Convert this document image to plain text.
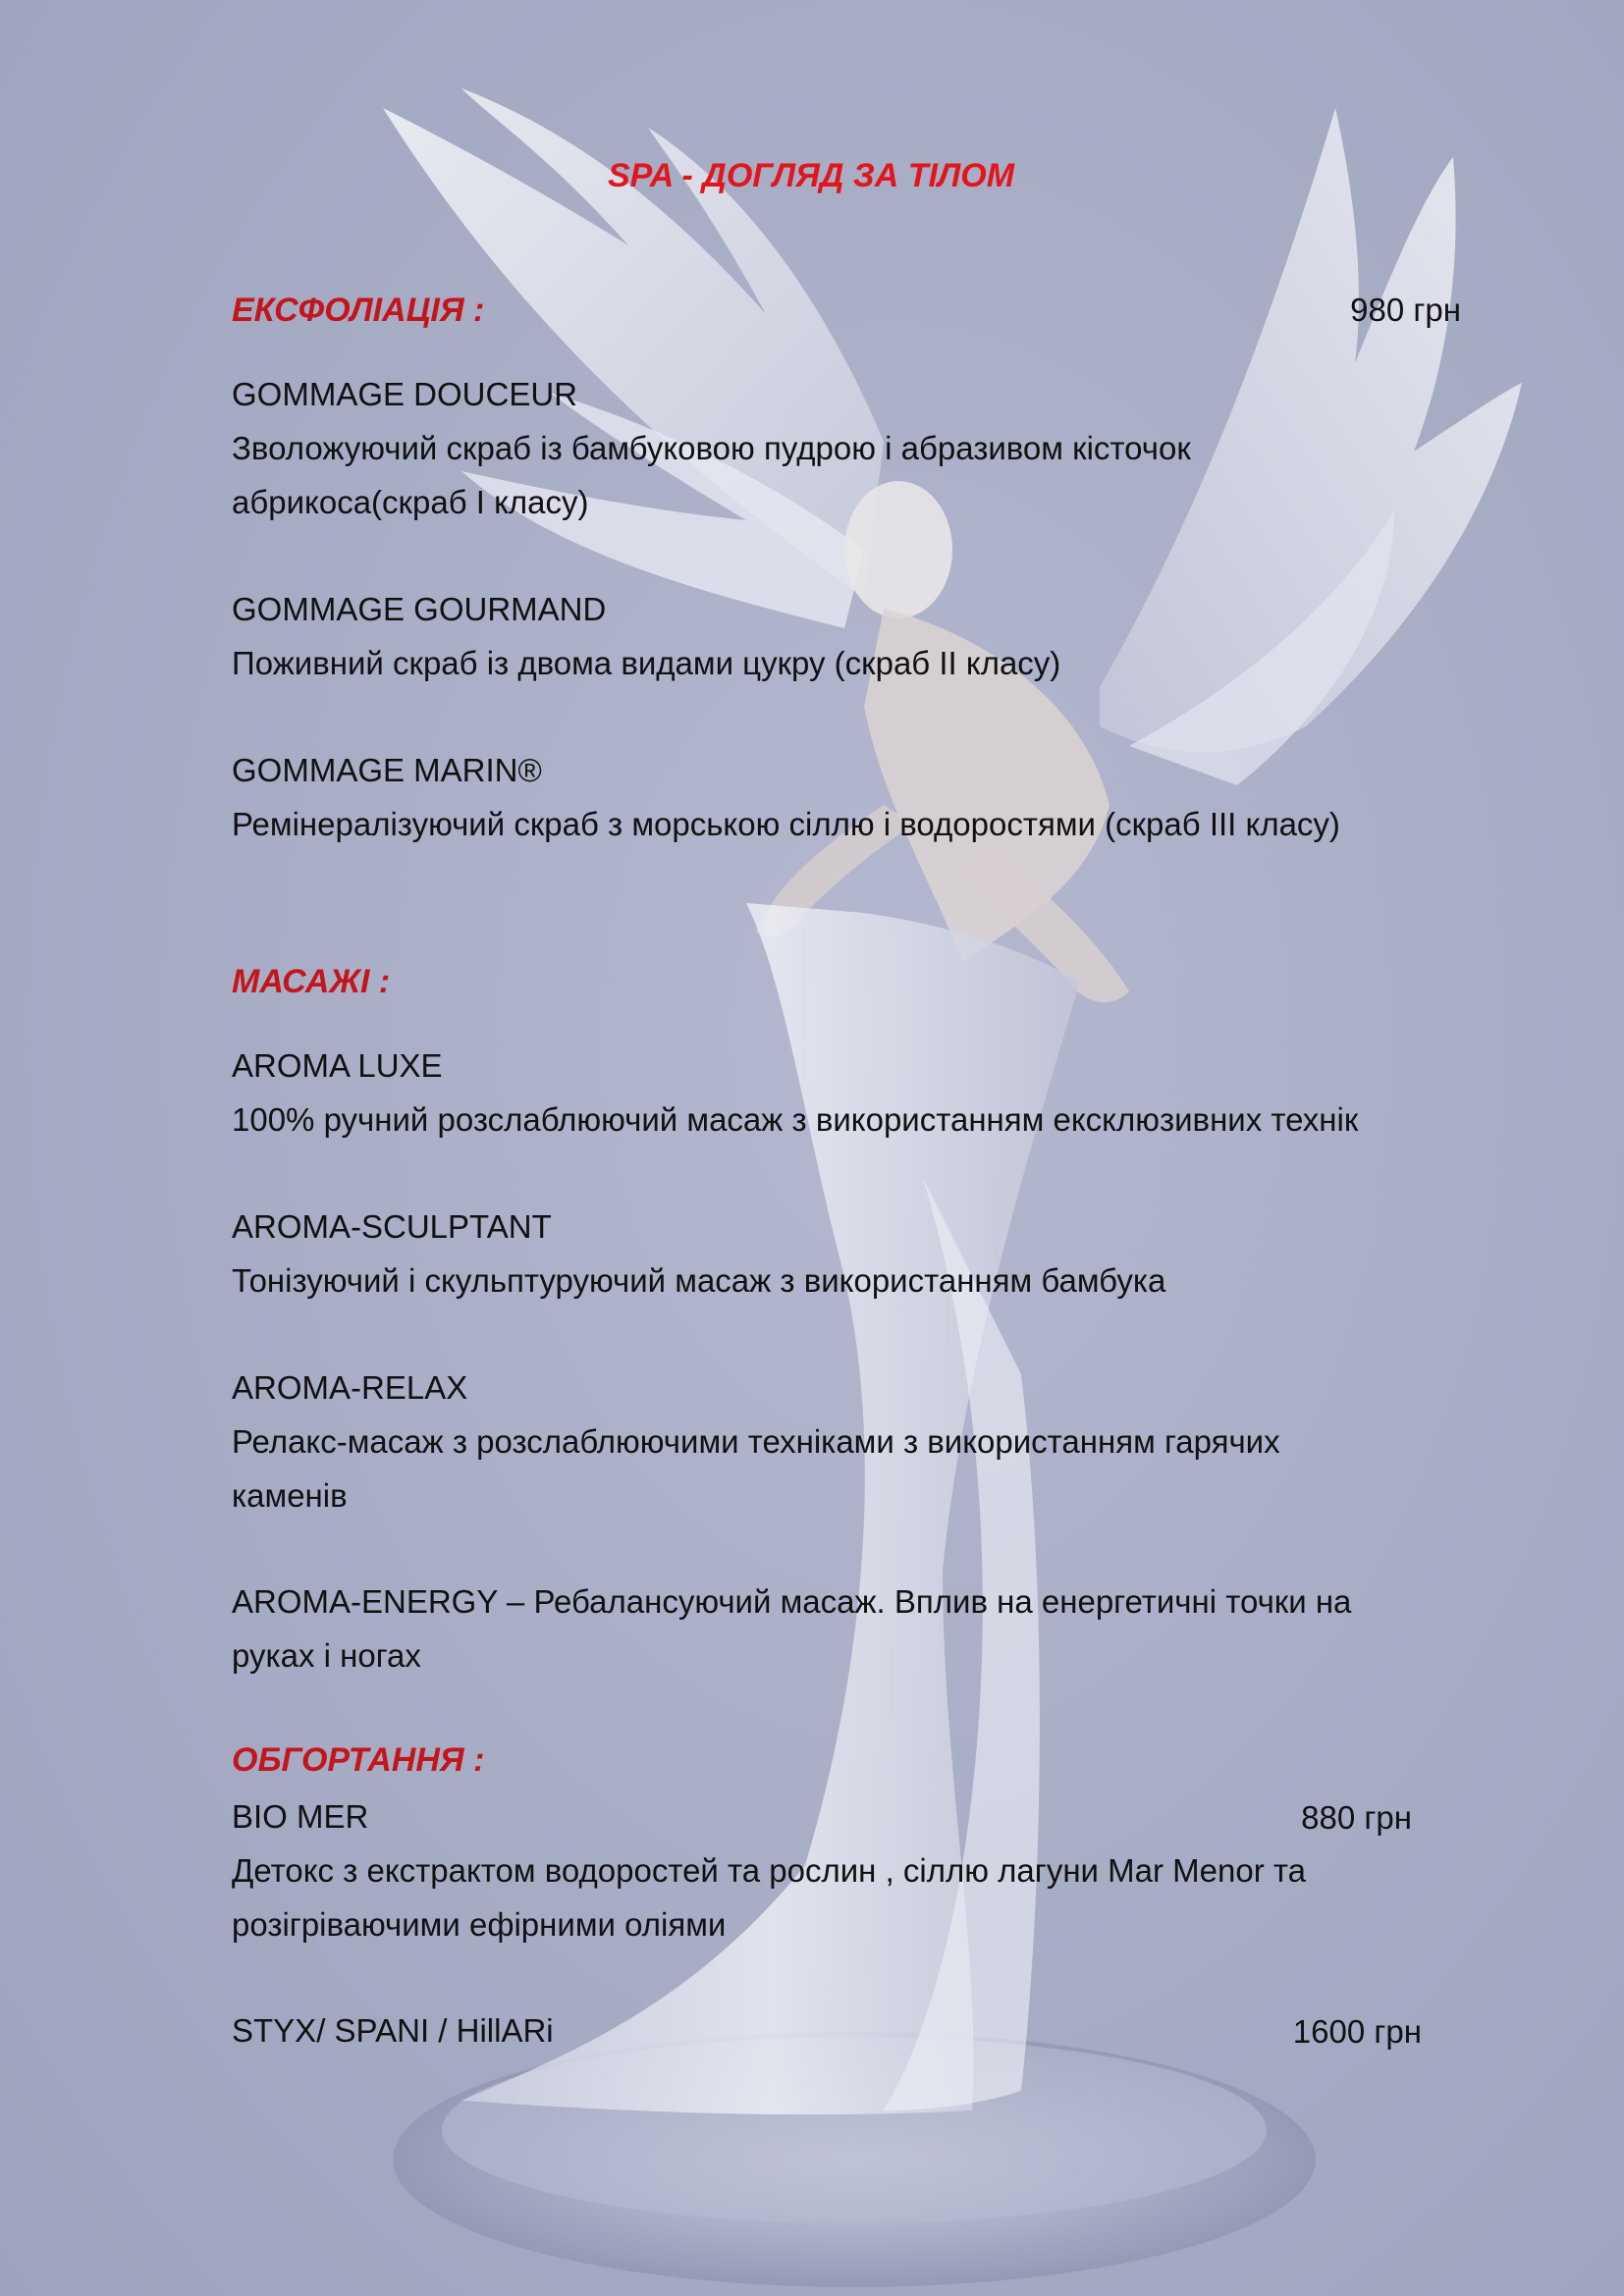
SPA - ДОГЛЯД ЗА ТІЛОМ
ЕКСФОЛІАЦІЯ :	980 грн
GOMMAGE DOUCEUR
Зволожуючий скраб із бамбуковою пудрою і абразивом кісточок
абрикоса(скраб І класу)
GOMMAGE GOURMAND
Поживний скраб із двома видами цукру (скраб ІІ класу)
GOMMAGE MARIN®
Ремінералізуючий скраб з морською сіллю і водоростями (скраб ІІІ класу)
МАСАЖІ :
AROMA LUXE
100% ручний розслаблюючий масаж з використанням ексклюзивних технік
AROMA-SCULPTANT
Тонізуючий і скульптуруючий масаж з використанням бамбука
AROMA-RELAX
Релакс-масаж з розслаблюючими техніками з використанням гарячих
каменів
AROMA-ENERGY – Ребалансуючий масаж. Вплив на енергетичні точки на
руках і ногах
ОБГОРТАННЯ :
BIO MER	880 грн
Детокс з екстрактом водоростей та рослин , сіллю лагуни Mar Menor та
розігріваючими ефірними оліями
STYX/ SPANI / HillARi	1600 грн
